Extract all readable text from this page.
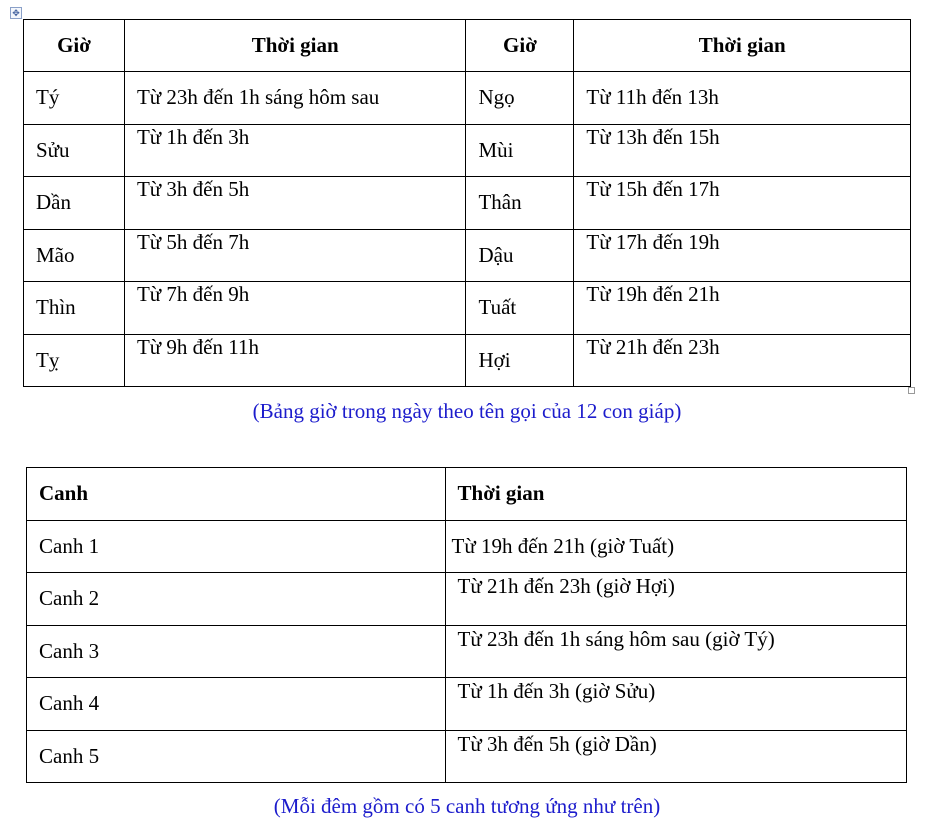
✥
Giờ	Thời gian	Giờ	Thời gian
Tý	Từ 23h đến 1h sáng hôm sau	Ngọ	Từ 11h đến 13h
Sửu	Từ 1h đến 3h	Mùi	Từ 13h đến 15h
Dần	Từ 3h đến 5h	Thân	Từ 15h đến 17h
Mão	Từ 5h đến 7h	Dậu	Từ 17h đến 19h
Thìn	Từ 7h đến 9h	Tuất	Từ 19h đến 21h
Tỵ	Từ 9h đến 11h	Hợi	Từ 21h đến 23h
(Bảng giờ trong ngày theo tên gọi của 12 con giáp)
Canh	Thời gian
Canh 1	Từ 19h đến 21h (giờ Tuất)
Canh 2	Từ 21h đến 23h (giờ Hợi)
Canh 3	Từ 23h đến 1h sáng hôm sau (giờ Tý)
Canh 4	Từ 1h đến 3h (giờ Sửu)
Canh 5	Từ 3h đến 5h (giờ Dần)
(Mỗi đêm gồm có 5 canh tương ứng như trên)
